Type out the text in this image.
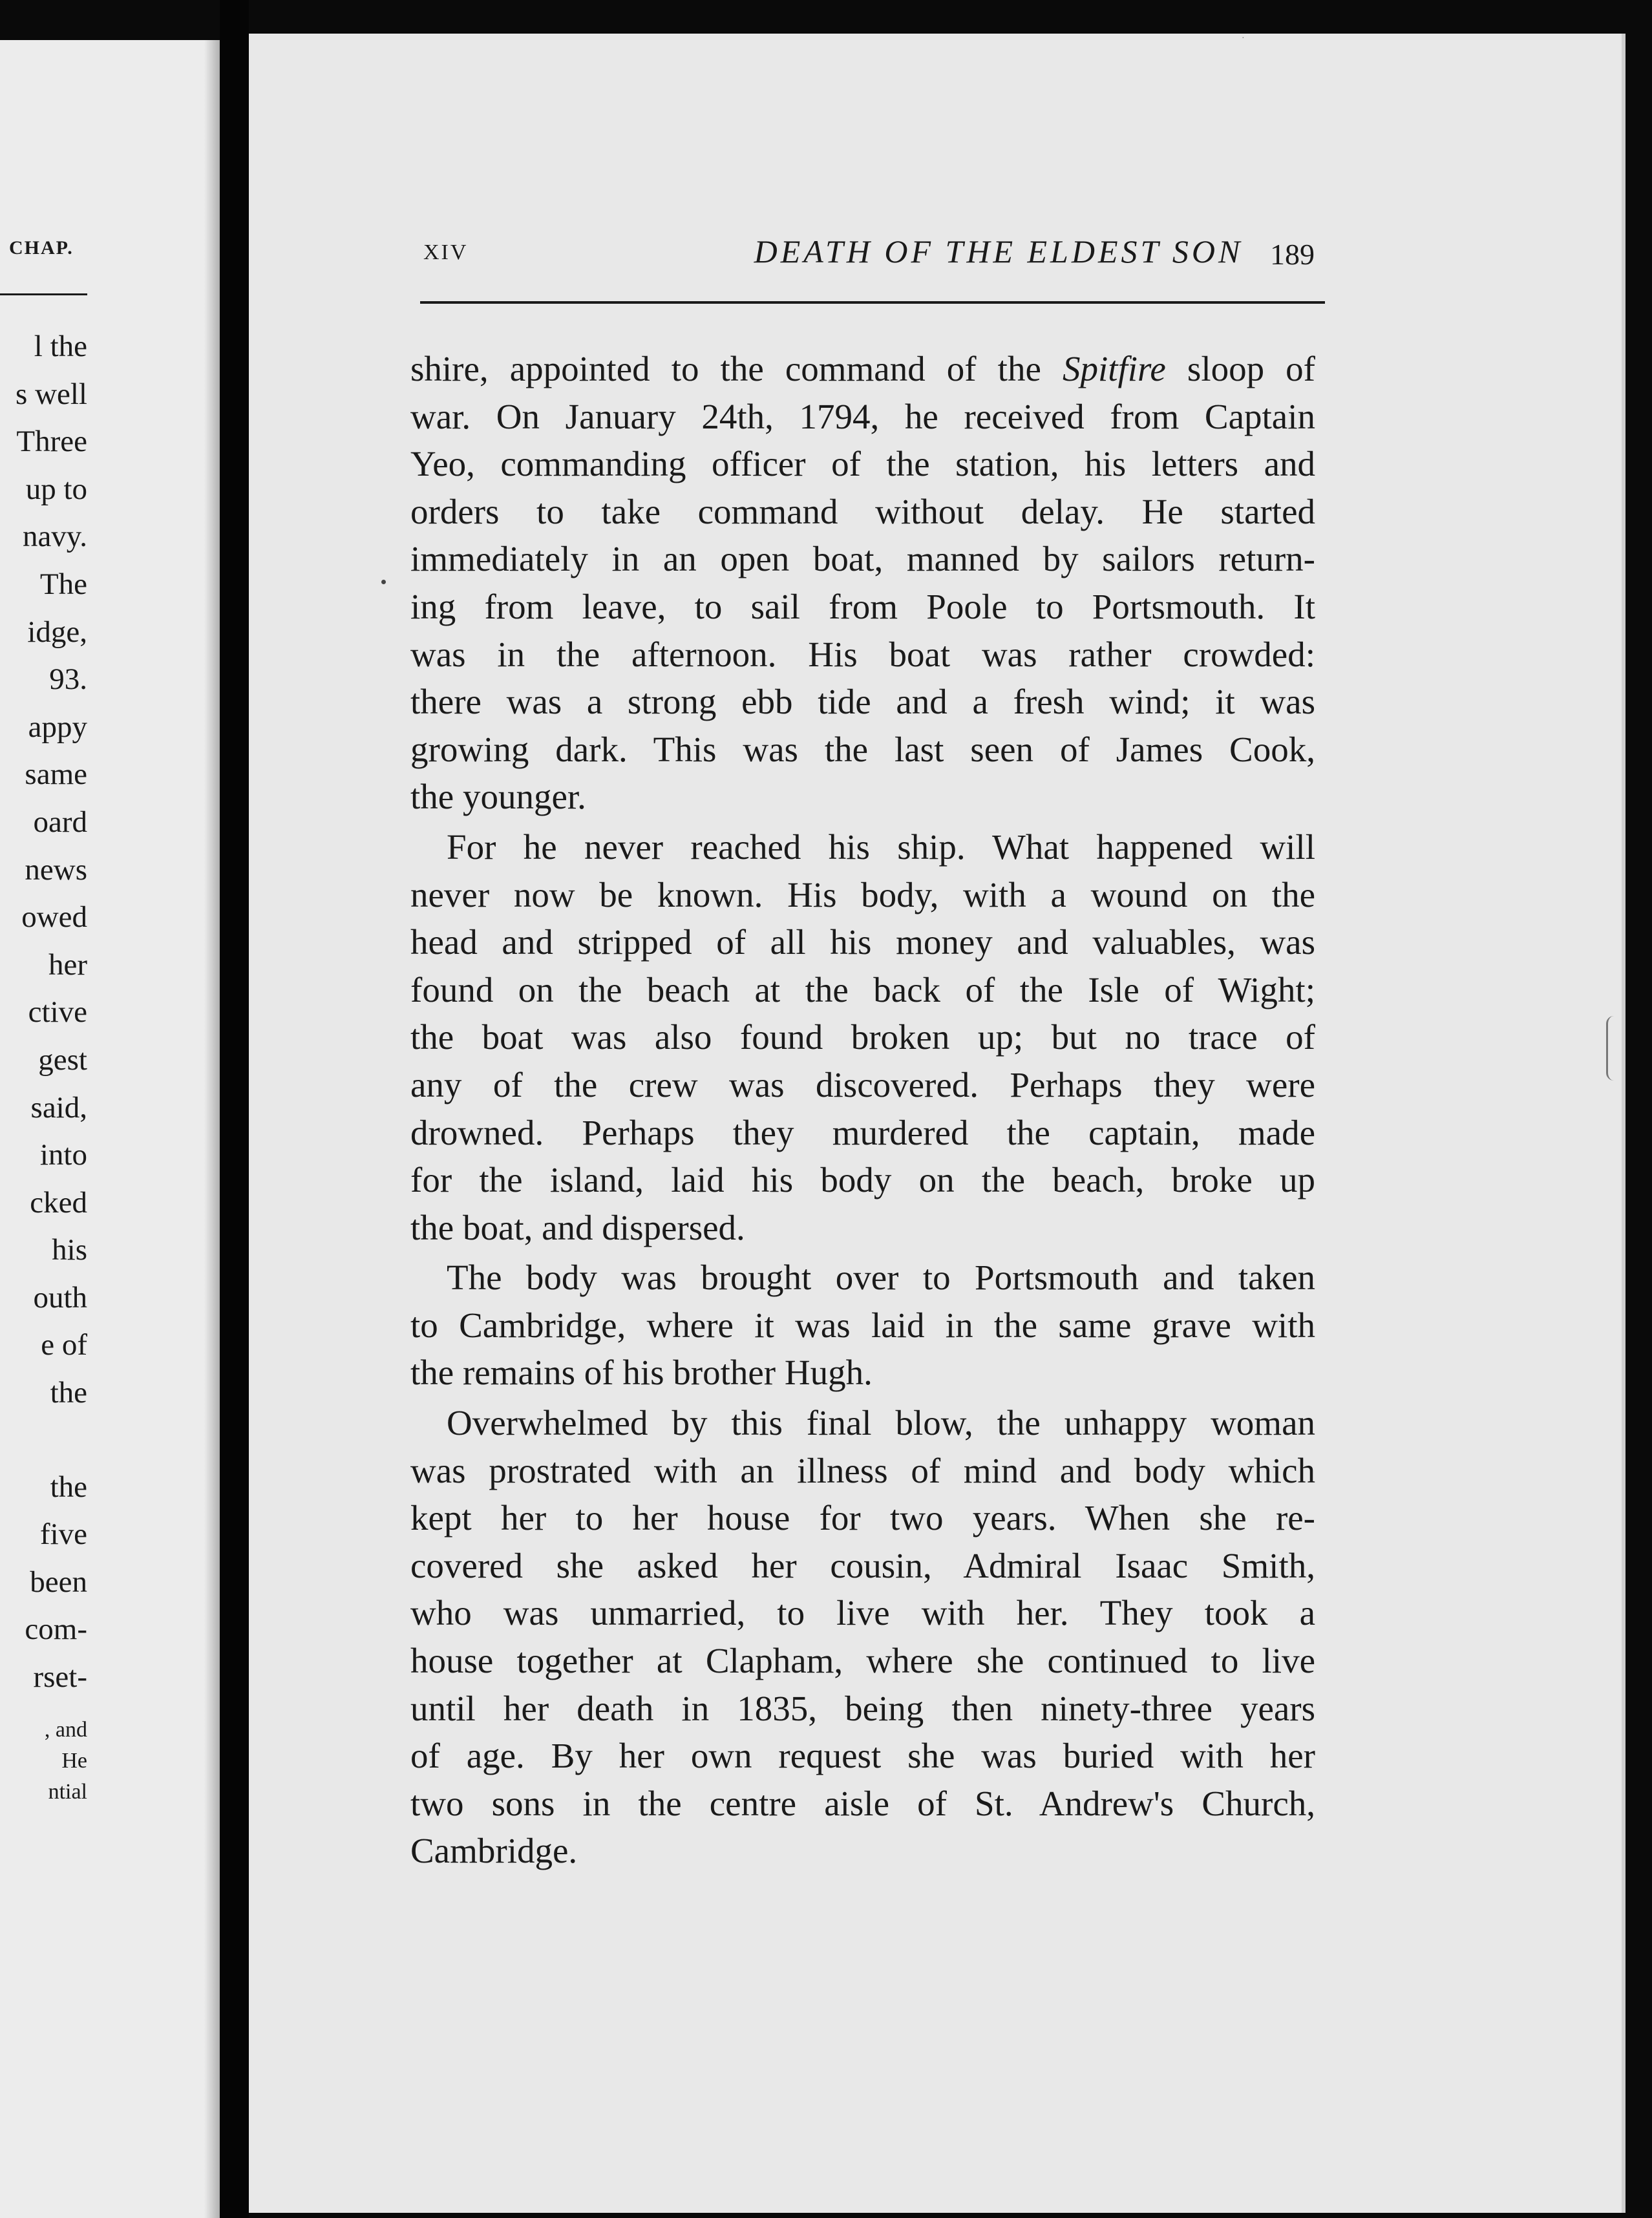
CHAP.
l the
s well
Three
up to
navy.
The
idge,
93.
appy
same
oard
news
owed
her
ctive
gest
said,
into
cked
his
outh
e of
the
the
five
been
com-
rset-
, and
He
ntial
·
XIV	DEATH OF THE ELDEST SON 189

shire, appointed to the command of the Spitfire sloop of
war. On January 24th, 1794, he received from Captain
Yeo, commanding officer of the station, his letters and
orders to take command without delay. He started
immediately in an open boat, manned by sailors return-
ing from leave, to sail from Poole to Portsmouth. It
was in the afternoon. His boat was rather crowded:
there was a strong ebb tide and a fresh wind; it was
growing dark. This was the last seen of James Cook,
the younger.

For he never reached his ship. What happened will
never now be known. His body, with a wound on the
head and stripped of all his money and valuables, was
found on the beach at the back of the Isle of Wight;
the boat was also found broken up; but no trace of
any of the crew was discovered. Perhaps they were
drowned. Perhaps they murdered the captain, made
for the island, laid his body on the beach, broke up
the boat, and dispersed.

The body was brought over to Portsmouth and taken
to Cambridge, where it was laid in the same grave with
the remains of his brother Hugh.

Overwhelmed by this final blow, the unhappy woman
was prostrated with an illness of mind and body which
kept her to her house for two years. When she re-
covered she asked her cousin, Admiral Isaac Smith,
who was unmarried, to live with her. They took a
house together at Clapham, where she continued to live
until her death in 1835, being then ninety-three years
of age. By her own request she was buried with her
two sons in the centre aisle of St. Andrew's Church,
Cambridge.
